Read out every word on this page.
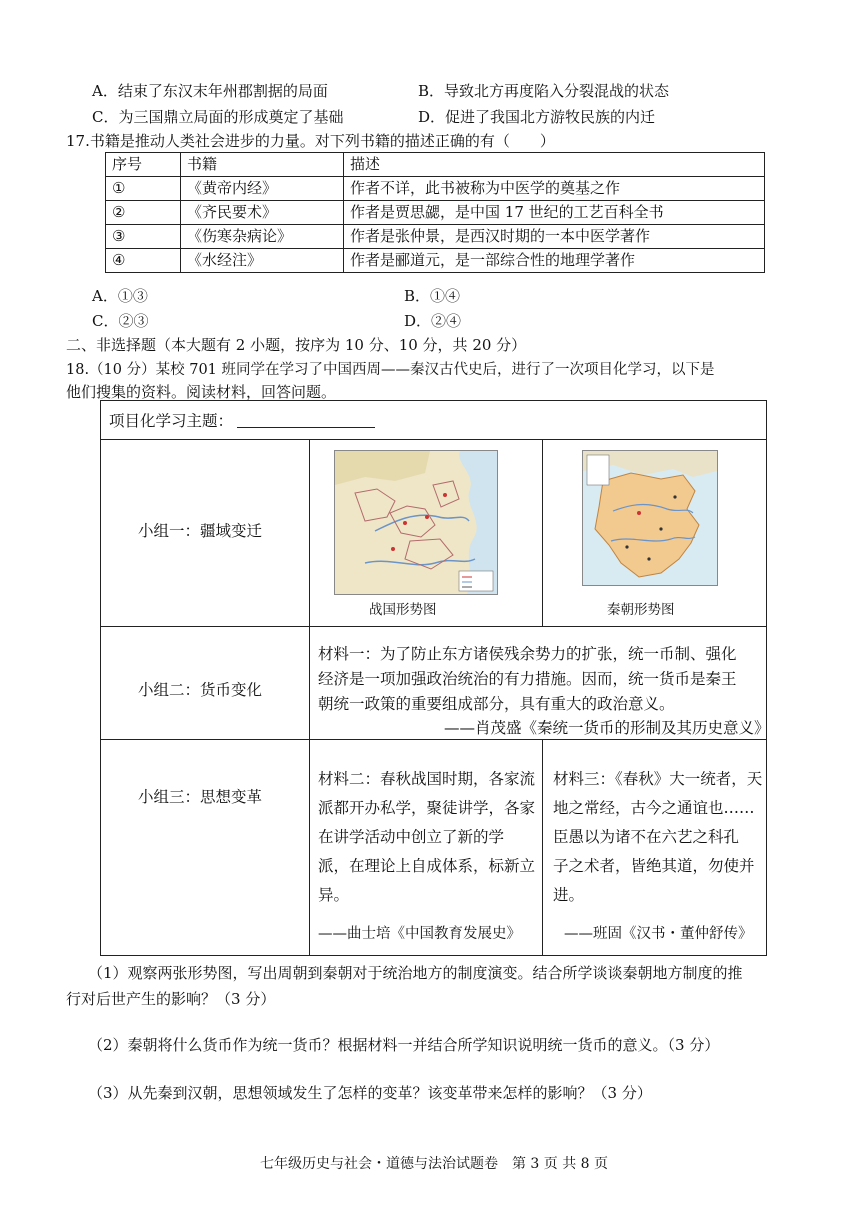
A．结束了东汉末年州郡割据的局面	B．导致北方再度陷入分裂混战的状态
C．为三国鼎立局面的形成奠定了基础	D．促进了我国北方游牧民族的内迁
17.书籍是推动人类社会进步的力量。对下列书籍的描述正确的有（　　）
序号	书籍	描述
①	《黄帝内经》	作者不详，此书被称为中医学的奠基之作
②	《齐民要术》	作者是贾思勰，是中国 17 世纪的工艺百科全书
③	《伤寒杂病论》	作者是张仲景，是西汉时期的一本中医学著作
④	《水经注》	作者是郦道元，是一部综合性的地理学著作
A．①③	B．①④
C．②③	D．②④
二、非选择题（本大题有 2 小题，按序为 10 分、10 分，共 20 分）
18.（10 分）某校 701 班同学在学习了中国西周——秦汉古代史后，进行了一次项目化学习，以下是
他们搜集的资料。阅读材料，回答问题。
项目化学习主题：
小组一：疆域变迁
战国形势图	秦朝形势图
小组二：货币变化
材料一：为了防止东方诸侯残余势力的扩张，统一币制、强化
经济是一项加强政治统治的有力措施。因而，统一货币是秦王
朝统一政策的重要组成部分，具有重大的政治意义。
——肖茂盛《秦统一货币的形制及其历史意义》
小组三：思想变革
材料二：春秋战国时期，各家流
派都开办私学，聚徒讲学，各家
在讲学活动中创立了新的学
派，在理论上自成体系，标新立
异。
——曲士培《中国教育发展史》
材料三：《春秋》大一统者，天
地之常经，古今之通谊也……
臣愚以为诸不在六艺之科孔
子之术者，皆绝其道，勿使并
进。
——班固《汉书・董仲舒传》
（1）观察两张形势图，写出周朝到秦朝对于统治地方的制度演变。结合所学谈谈秦朝地方制度的推
行对后世产生的影响？（3 分）
（2）秦朝将什么货币作为统一货币？根据材料一并结合所学知识说明统一货币的意义。（3 分）
（3）从先秦到汉朝，思想领域发生了怎样的变革？该变革带来怎样的影响？（3 分）
七年级历史与社会・道德与法治试题卷　第 3 页 共 8 页
